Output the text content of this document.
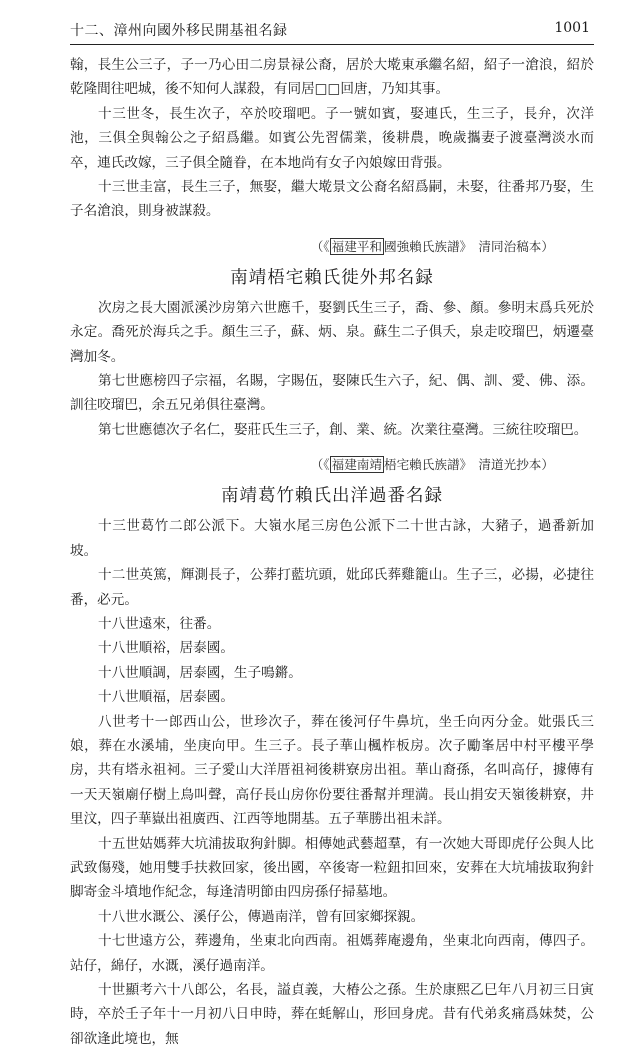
十二、漳州向國外移民開基祖名録	1001

翰，長生公三子，子一乃心田二房景禄公裔，居於大墘東承繼名紹，紹子一滄浪，紹於乾隆間往吧城，後不知何人謀殺，有同居□□回唐，乃知其事。

十三世冬，長生次子，卒於咬瑠吧。子一號如賓，娶連氏，生三子，長弁，次洋池，三俱全與翰公之子紹爲繼。如賓公先習儒業，後耕農，晚歲攜妻子渡臺灣淡水而卒，連氏改嫁，三子俱全隨眷，在本地尚有女子內娘嫁田背張。

十三世圭富，長生三子，無娶，繼大墘景文公裔名紹爲嗣，未娶，往番邦乃娶，生子名滄浪，則身被謀殺。

（《 福建平和 國強賴氏族譜》　清同治稿本）

南靖梧宅賴氏徙外邦名録

次房之長大園派溪沙房第六世應千，娶劉氏生三子，喬、參、顏。參明末爲兵死於永定。喬死於海兵之手。顏生三子，蘇、炳、泉。蘇生二子俱夭，泉走咬瑠巴，炳遷臺灣加冬。

第七世應榜四子宗福，名賜，字賜伍，娶陳氏生六子，紀、偶、訓、愛、佛、添。訓往咬瑠巴，余五兄弟俱往臺灣。

第七世應德次子名仁，娶莊氏生三子，創、業、統。次業往臺灣。三統往咬瑠巴。

（《 福建南靖 梧宅賴氏族譜》　清道光抄本）

南靖葛竹賴氏出洋過番名録

十三世葛竹二郎公派下。大嶺水尾三房色公派下二十世古詠，大豬子，過番新加坡。

十二世英篤，輝測長子，公葬打藍坑頭，妣邱氏葬雞籠山。生子三，必揚，必捷往番，必元。

十八世遠來，往番。

十八世順裕，居泰國。

十八世順調，居泰國，生子鳴鏘。

十八世順福，居泰國。

八世考十一郎西山公，世珍次子，葬在後河仔牛鼻坑，坐壬向丙分金。妣張氏三娘，葬在水溪埔，坐庚向甲。生三子。長子華山楓柞板房。次子勵峯居中村平樓平學房，共有塔永祖祠。三子愛山大洋厝祖祠後耕寮房出祖。華山裔孫，名叫高仔，據傳有一天天嶺廟仔樹上鳥叫聲，高仔長山房你份要往番幫并理満。長山捐安天嶺後耕寮，井里汶，四子華嶽出祖廣西、江西等地開基。五子華勝出祖未詳。

十五世姑媽葬大坑浦拔取狗針脚。相傳她武藝超羣，有一次她大哥即虎仔公與人比武致傷殘，她用雙手扶救回家，後出國，卒後寄一粒鈕扣回來，安葬在大坑埔拔取狗針脚寄金斗墳地作紀念，每逢清明節由四房孫仔掃墓地。

十八世水溉公、溪仔公，傳過南洋，曾有回家鄉探親。

十七世遠方公，葬邊角，坐東北向西南。祖媽葬庵邊角，坐東北向西南，傳四子。站仔，綿仔，水溉，溪仔過南洋。

十世顯考六十八郎公，名長，謚貞義，大椿公之孫。生於康熙乙巳年八月初三日寅時，卒於壬子年十一月初八日申時，葬在蚝解山，形回身虎。昔有代弟炙痛爲妹焚，公卻欲逢此境也，無
